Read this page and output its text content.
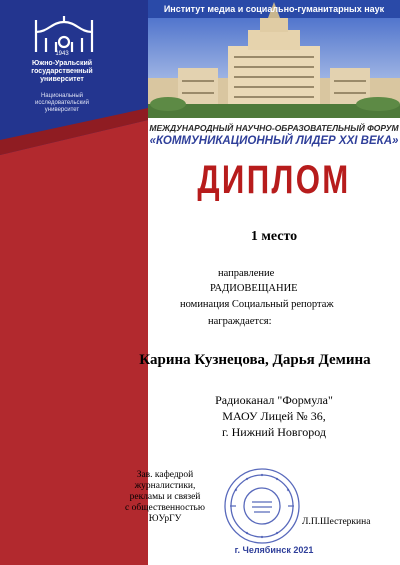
1943
Южно-Уральский
государственный
университет
Национальный
исследовательский
университет
Институт медиа и социально-гуманитарных наук
МЕЖДУНАРОДНЫЙ НАУЧНО-ОБРАЗОВАТЕЛЬНЫЙ ФОРУМ
«КОММУНИКАЦИОННЫЙ ЛИДЕР XXI ВЕКА»
ДИПЛОМ
1 место
направление
РАДИОВЕЩАНИЕ
номинация Социальный репортаж
награждается:
Карина Кузнецова, Дарья Демина
Радиоканал "Формула"
МАОУ Лицей № 36,
г. Нижний Новгород
Зав. кафедрой
журналистики,
рекламы и связей
с общественностью
ЮУрГУ	Л.П.Шестеркина
г. Челябинск 2021
